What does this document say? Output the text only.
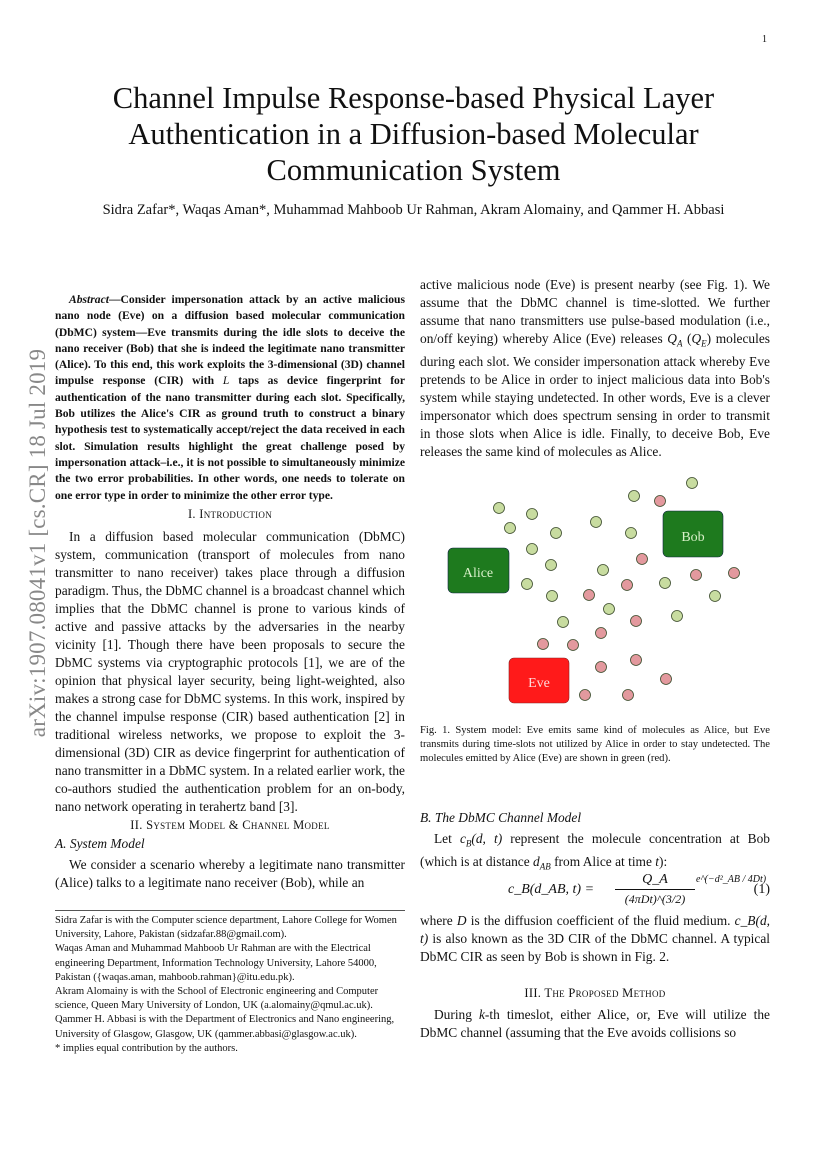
1
Channel Impulse Response-based Physical Layer Authentication in a Diffusion-based Molecular Communication System
Sidra Zafar*, Waqas Aman*, Muhammad Mahboob Ur Rahman, Akram Alomainy, and Qammer H. Abbasi
arXiv:1907.08041v1 [cs.CR] 18 Jul 2019
Abstract—Consider impersonation attack by an active malicious nano node (Eve) on a diffusion based molecular communication (DbMC) system—Eve transmits during the idle slots to deceive the nano receiver (Bob) that she is indeed the legitimate nano transmitter (Alice). To this end, this work exploits the 3-dimensional (3D) channel impulse response (CIR) with L taps as device fingerprint for authentication of the nano transmitter during each slot. Specifically, Bob utilizes the Alice's CIR as ground truth to construct a binary hypothesis test to systematically accept/reject the data received in each slot. Simulation results highlight the great challenge posed by impersonation attack–i.e., it is not possible to simultaneously minimize the two error probabilities. In other words, one needs to tolerate on one error type in order to minimize the other error type.
I. Introduction
In a diffusion based molecular communication (DbMC) system, communication (transport of molecules from nano transmitter to nano receiver) takes place through a diffusion paradigm. Thus, the DbMC channel is a broadcast channel which implies that the DbMC channel is prone to various kinds of active and passive attacks by the adversaries in the nearby vicinity [1]. Though there have been proposals to secure the DbMC systems via cryptographic protocols [1], we are of the opinion that physical layer security, being light-weighted, also makes a strong case for DbMC systems. In this work, inspired by the channel impulse response (CIR) based authentication [2] in traditional wireless networks, we propose to exploit the 3-dimensional (3D) CIR as device fingerprint for authentication of nano transmitter in a DbMC system. In a related earlier work, the co-authors studied the authentication problem for an on-body, nano network operating in terahertz band [3].
II. System Model & Channel Model
A. System Model
We consider a scenario whereby a legitimate nano transmitter (Alice) talks to a legitimate nano receiver (Bob), while an
Sidra Zafar is with the Computer science department, Lahore College for Women University, Lahore, Pakistan (sidzafar.88@gmail.com).
Waqas Aman and Muhammad Mahboob Ur Rahman are with the Electrical engineering Department, Information Technology University, Lahore 54000, Pakistan ({waqas.aman, mahboob.rahman}@itu.edu.pk).
Akram Alomainy is with the School of Electronic engineering and Computer science, Queen Mary University of London, UK (a.alomainy@qmul.ac.uk).
Qammer H. Abbasi is with the Department of Electronics and Nano engineering, University of Glasgow, Glasgow, UK (qammer.abbasi@glasgow.ac.uk).
* implies equal contribution by the authors.
active malicious node (Eve) is present nearby (see Fig. 1). We assume that the DbMC channel is time-slotted. We further assume that nano transmitters use pulse-based modulation (i.e., on/off keying) whereby Alice (Eve) releases $Q_A$ $(Q_E)$ molecules during each slot. We consider impersonation attack whereby Eve pretends to be Alice in order to inject malicious data into Bob's system while staying undetected. In other words, Eve is a clever impersonator which does spectrum sensing in order to transmit in those slots when Alice is idle. Finally, to deceive Bob, Eve releases the same kind of molecules as Alice.
Alice
Bob
Eve
Fig. 1. System model: Eve emits same kind of molecules as Alice, but Eve transmits during time-slots not utilized by Alice in order to stay undetected. The molecules emitted by Alice (Eve) are shown in green (red).
B. The DbMC Channel Model
Let $c_B(d$, t) represent the molecule concentration at Bob (which is at distance $d_{AB}$ from Alice at time t):
c_B(d_AB, t) =
Q_A
(4πDt)^(3/2)
e^(−d²_AB / 4Dt)
(1)
where D is the diffusion coefficient of the fluid medium. c_B(d, t) is also known as the 3D CIR of the DbMC channel. A typical DbMC CIR as seen by Bob is shown in Fig. 2.
III. The Proposed Method
During k-th timeslot, either Alice, or, Eve will utilize the DbMC channel (assuming that the Eve avoids collisions so
